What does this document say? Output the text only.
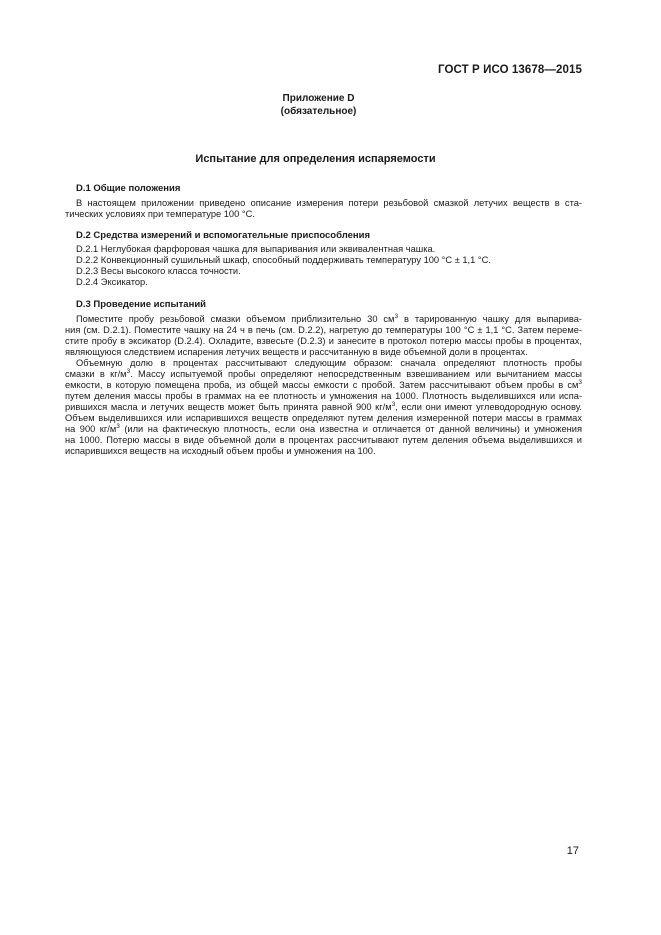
ГОСТ Р ИСО 13678—2015
Приложение D
(обязательное)
Испытание для определения испаряемости
D.1 Общие положения
В настоящем приложении приведено описание измерения потери резьбовой смазкой летучих веществ в ста-
тических условиях при температуре 100 °С.
D.2 Средства измерений и вспомогательные приспособления
D.2.1 Неглубокая фарфоровая чашка для выпаривания или эквивалентная чашка.
D.2.2 Конвекционный сушильный шкаф, способный поддерживать температуру 100 °С ± 1,1 °С.
D.2.3 Весы высокого класса точности.
D.2.4 Эксикатор.
D.3 Проведение испытаний
Поместите пробу резьбовой смазки объемом приблизительно 30 $см^3$ в тарированную чашку для выпарива-
ния (см. D.2.1). Поместите чашку на 24 ч в печь (см. D.2.2), нагретую до температуры 100 °С ± 1,1 °С. Затем переме-
стите пробу в эксикатор (D.2.4). Охладите, взвесьте (D.2.3) и занесите в протокол потерю массы пробы в процентах,
являющуюся следствием испарения летучих веществ и рассчитанную в виде объемной доли в процентах.
Объемную долю в процентах рассчитывают следующим образом: сначала определяют плотность пробы
смазки в $кг/м^3$. Массу испытуемой пробы определяют непосредственным взвешиванием или вычитанием массы
емкости, в которую помещена проба, из общей массы емкости с пробой. Затем рассчитывают объем пробы в $см^3$
путем деления массы пробы в граммах на ее плотность и умножения на 1000. Плотность выделившихся или испа-
рившихся масла и летучих веществ может быть принята равной 900 $кг/м^3$, если они имеют углеводородную основу.
Объем выделившихся или испарившихся веществ определяют путем деления измеренной потери массы в граммах
на 900 $кг/м^3$ (или на фактическую плотность, если она известна и отличается от данной величины) и умножения
на 1000. Потерю массы в виде объемной доли в процентах рассчитывают путем деления объема выделившихся и
испарившихся веществ на исходный объем пробы и умножения на 100.
17
